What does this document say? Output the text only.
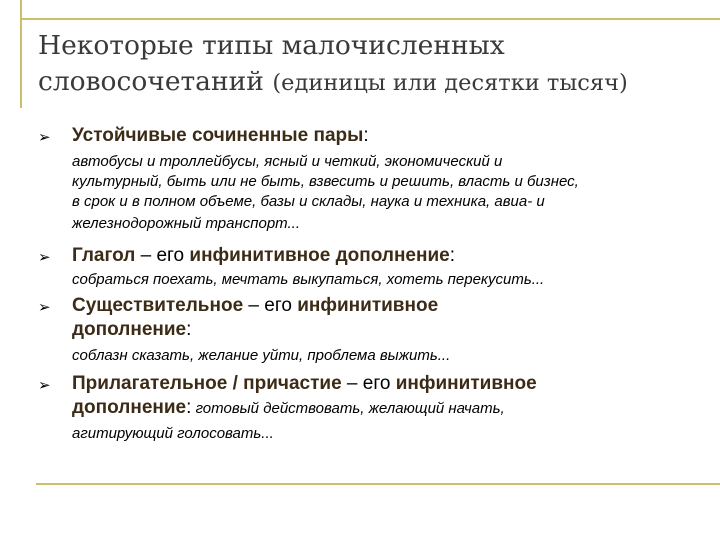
Некоторые типы малочисленных
словосочетаний (единицы или десятки тысяч)
➢ Устойчивые сочиненные пары:
автобусы и троллейбусы, ясный и четкий, экономический и
культурный, быть или не быть, взвесить и решить, власть и бизнес,
в срок и в полном объеме, базы и склады, наука и техника, авиа- и
железнодорожный транспорт...
➢ Глагол – его инфинитивное дополнение:
собраться поехать, мечтать выкупаться, хотеть перекусить...
➢ Существительное – его инфинитивное
дополнение:
соблазн сказать, желание уйти, проблема выжить...
➢ Прилагательное / причастие – его инфинитивное
дополнение: готовый действовать, желающий начать,
агитирующий голосовать...
